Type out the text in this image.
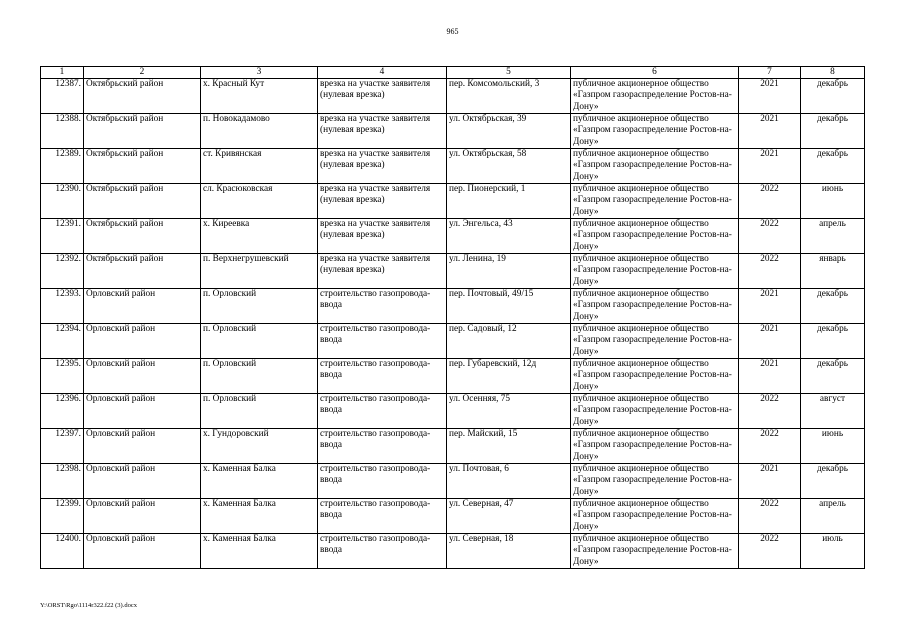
965
1	2	3	4	5	6	7	8
12387.	Октябрьский район	х. Красный Кут	врезка на участке заявителя (нулевая врезка)	пер. Комсомольский, 3	публичное акционерное общество «Газпром газораспределение Ростов-на-Дону»	2021	декабрь
12388.	Октябрьский район	п. Новокадамово	врезка на участке заявителя (нулевая врезка)	ул. Октябрьская, 39	публичное акционерное общество «Газпром газораспределение Ростов-на-Дону»	2021	декабрь
12389.	Октябрьский район	ст. Кривянская	врезка на участке заявителя (нулевая врезка)	ул. Октябрьская, 58	публичное акционерное общество «Газпром газораспределение Ростов-на-Дону»	2021	декабрь
12390.	Октябрьский район	сл. Красюковская	врезка на участке заявителя (нулевая врезка)	пер. Пионерский, 1	публичное акционерное общество «Газпром газораспределение Ростов-на-Дону»	2022	июнь
12391.	Октябрьский район	х. Киреевка	врезка на участке заявителя (нулевая врезка)	ул. Энгельса, 43	публичное акционерное общество «Газпром газораспределение Ростов-на-Дону»	2022	апрель
12392.	Октябрьский район	п. Верхнегрушевский	врезка на участке заявителя (нулевая врезка)	ул. Ленина, 19	публичное акционерное общество «Газпром газораспределение Ростов-на-Дону»	2022	январь
12393.	Орловский район	п. Орловский	строительство газопровода-ввода	пер. Почтовый, 49/15	публичное акционерное общество «Газпром газораспределение Ростов-на-Дону»	2021	декабрь
12394.	Орловский район	п. Орловский	строительство газопровода-ввода	пер. Садовый, 12	публичное акционерное общество «Газпром газораспределение Ростов-на-Дону»	2021	декабрь
12395.	Орловский район	п. Орловский	строительство газопровода-ввода	пер. Губаревский, 12д	публичное акционерное общество «Газпром газораспределение Ростов-на-Дону»	2021	декабрь
12396.	Орловский район	п. Орловский	строительство газопровода-ввода	ул. Осенняя, 75	публичное акционерное общество «Газпром газораспределение Ростов-на-Дону»	2022	август
12397.	Орловский район	х. Гундоровский	строительство газопровода-ввода	пер. Майский, 15	публичное акционерное общество «Газпром газораспределение Ростов-на-Дону»	2022	июнь
12398.	Орловский район	х. Каменная Балка	строительство газопровода-ввода	ул. Почтовая, 6	публичное акционерное общество «Газпром газораспределение Ростов-на-Дону»	2021	декабрь
12399.	Орловский район	х. Каменная Балка	строительство газопровода-ввода	ул. Северная, 47	публичное акционерное общество «Газпром газораспределение Ростов-на-Дону»	2022	апрель
12400.	Орловский район	х. Каменная Балка	строительство газопровода-ввода	ул. Северная, 18	публичное акционерное общество «Газпром газораспределение Ростов-на-Дону»	2022	июль
Y:\ORST\Rgo\1114r322.f22 (3).docx
